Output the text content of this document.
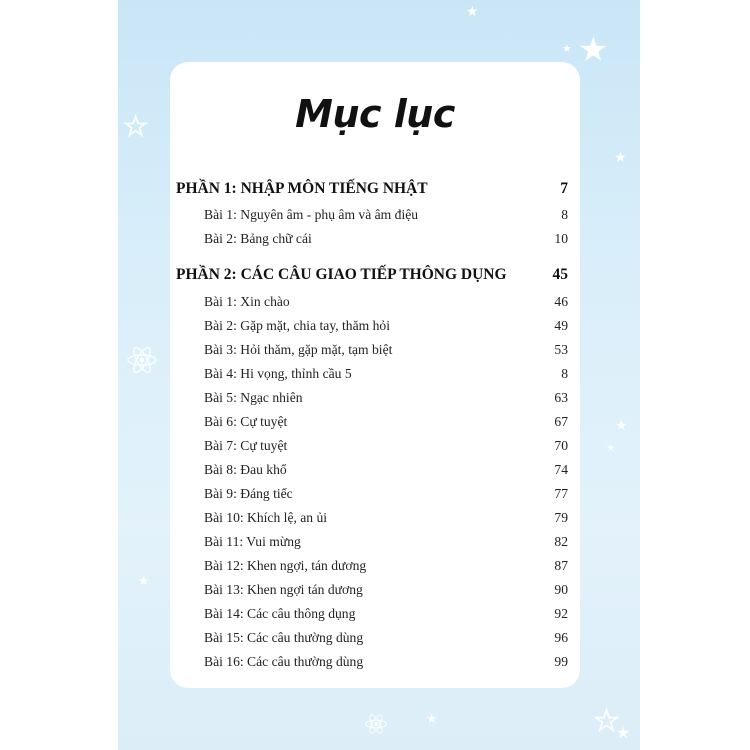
★
★
★
★
★
★
★
★
★	★
★
Mục lục
PHẦN 1: NHẬP MÔN TIẾNG NHẬT	7
Bài 1: Nguyên âm - phụ âm và âm điệu	8
Bài 2: Bảng chữ cái	10
PHẦN 2: CÁC CÂU GIAO TIẾP THÔNG DỤNG	45
Bài 1: Xin chào	46
Bài 2: Gặp mặt, chia tay, thăm hỏi	49
Bài 3: Hỏi thăm, gặp mặt, tạm biệt	53
Bài 4: Hi vọng, thỉnh cầu 5	8
Bài 5: Ngạc nhiên	63
Bài 6: Cự tuyệt	67
Bài 7: Cự tuyệt	70
Bài 8: Đau khổ	74
Bài 9: Đáng tiếc	77
Bài 10: Khích lệ, an ủi	79
Bài 11: Vui mừng	82
Bài 12: Khen ngợi, tán dương	87
Bài 13: Khen ngợi tán dương	90
Bài 14: Các câu thông dụng	92
Bài 15: Các câu thường dùng	96
Bài 16: Các câu thường dùng	99
